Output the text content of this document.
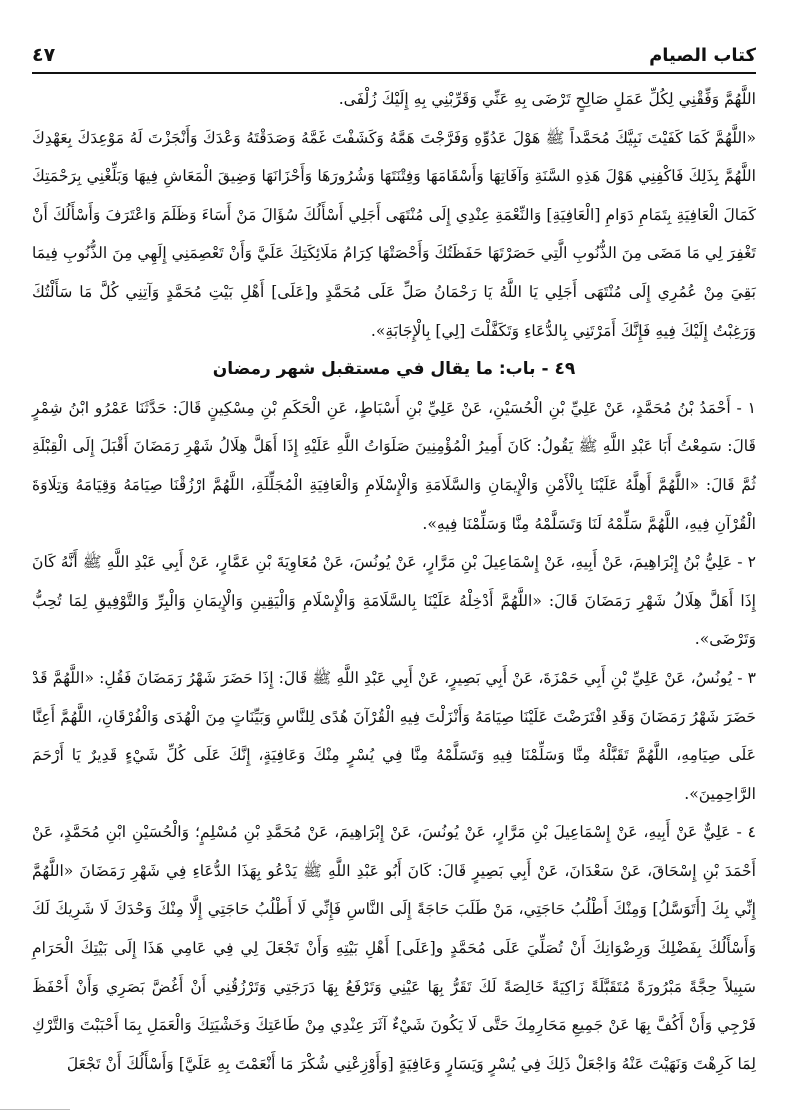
كتاب الصيام
٤٧

اللَّهُمَّ وَفِّقْنِي لِكُلِّ عَمَلٍ صَالِحٍ تَرْضَى بِهِ عَنِّي وَقَرِّبْنِي بِهِ إِلَيْكَ زُلْفَى.

«اللَّهُمَّ كَمَا كَفَيْتَ نَبِيَّكَ مُحَمَّداً ﷺ هَوْلَ عَدُوِّهِ وَفَرَّجْتَ هَمَّهُ وَكَشَفْتَ غَمَّهُ وَصَدَقْتَهُ وَعْدَكَ وَأَنْجَزْتَ لَهُ مَوْعِدَكَ بِعَهْدِكَ اللَّهُمَّ بِذَلِكَ فَاكْفِنِي هَوْلَ هَذِهِ السَّنَةِ وَآفَاتِهَا وَأَسْقَامَهَا وَفِتْنَتَهَا وَشُرُورَهَا وَأَحْزَانَهَا وَضِيقَ الْمَعَاشِ فِيهَا وَبَلِّغْنِي بِرَحْمَتِكَ كَمَالَ الْعَافِيَةِ بِتَمَامِ دَوَامِ [الْعَافِيَةِ] وَالنِّعْمَةِ عِنْدِي إِلَى مُنْتَهَى أَجَلِي أَسْأَلُكَ سُؤَالَ مَنْ أَسَاءَ وَظَلَمَ وَاعْتَرَفَ وَأَسْأَلُكَ أَنْ تَغْفِرَ لِي مَا مَضَى مِنَ الذُّنُوبِ الَّتِي حَصَرْتَهَا حَفَظَتُكَ وَأَحْصَتْهَا كِرَامُ مَلَائِكَتِكَ عَلَيَّ وَأَنْ تَعْصِمَنِي إِلَهِي مِنَ الذُّنُوبِ فِيمَا بَقِيَ مِنْ عُمُرِي إِلَى مُنْتَهَى أَجَلِي يَا اللَّهُ يَا رَحْمَانُ صَلِّ عَلَى مُحَمَّدٍ و[عَلَى] أَهْلِ بَيْتِ مُحَمَّدٍ وَآتِنِي كُلَّ مَا سَأَلْتُكَ وَرَغِبْتُ إِلَيْكَ فِيهِ فَإِنَّكَ أَمَرْتَنِي بِالدُّعَاءِ وَتَكَفَّلْتَ [لِي] بِالْإِجَابَةِ».

٤٩ - باب: ما يقال في مستقبل شهر رمضان

١ - أَحْمَدُ بْنُ مُحَمَّدٍ، عَنْ عَلِيِّ بْنِ الْحُسَيْنِ، عَنْ عَلِيِّ بْنِ أَسْبَاطٍ، عَنِ الْحَكَمِ بْنِ مِسْكِينٍ قَالَ: حَدَّثَنَا عَمْرُو ابْنُ شِمْرٍ قَالَ: سَمِعْتُ أَبَا عَبْدِ اللَّهِ ﷺ يَقُولُ: كَانَ أَمِيرُ الْمُؤْمِنِينَ صَلَوَاتُ اللَّهِ عَلَيْهِ إِذَا أَهَلَّ هِلَالُ شَهْرِ رَمَضَانَ أَقْبَلَ إِلَى الْقِبْلَةِ ثُمَّ قَالَ: «اللَّهُمَّ أَهِلَّهُ عَلَيْنَا بِالْأَمْنِ وَالْإِيمَانِ وَالسَّلَامَةِ وَالْإِسْلَامِ وَالْعَافِيَةِ الْمُجَلِّلَةِ، اللَّهُمَّ ارْزُقْنَا صِيَامَهُ وَقِيَامَهُ وَتِلَاوَةَ الْقُرْآنِ فِيهِ، اللَّهُمَّ سَلِّمْهُ لَنَا وَتَسَلَّمْهُ مِنَّا وَسَلِّمْنَا فِيهِ».

٢ - عَلِيُّ بْنُ إِبْرَاهِيمَ، عَنْ أَبِيهِ، عَنْ إِسْمَاعِيلَ بْنِ مَرَّارٍ، عَنْ يُونُسَ، عَنْ مُعَاوِيَةَ بْنِ عَمَّارٍ، عَنْ أَبِي عَبْدِ اللَّهِ ﷺ أَنَّهُ كَانَ إِذَا أَهَلَّ هِلَالُ شَهْرِ رَمَضَانَ قَالَ: «اللَّهُمَّ أَدْخِلْهُ عَلَيْنَا بِالسَّلَامَةِ وَالْإِسْلَامِ وَالْيَقِينِ وَالْإِيمَانِ وَالْبِرِّ وَالتَّوْفِيقِ لِمَا تُحِبُّ وَتَرْضَى».

٣ - يُونُسُ، عَنْ عَلِيِّ بْنِ أَبِي حَمْزَةَ، عَنْ أَبِي بَصِيرٍ، عَنْ أَبِي عَبْدِ اللَّهِ ﷺ قَالَ: إِذَا حَضَرَ شَهْرُ رَمَضَانَ فَقُلِ: «اللَّهُمَّ قَدْ حَضَرَ شَهْرُ رَمَضَانَ وَقَدِ افْتَرَضْتَ عَلَيْنَا صِيَامَهُ وَأَنْزَلْتَ فِيهِ الْقُرْآنَ هُدًى لِلنَّاسِ وَبَيِّنَاتٍ مِنَ الْهُدَى وَالْفُرْقَانِ، اللَّهُمَّ أَعِنَّا عَلَى صِيَامِهِ، اللَّهُمَّ تَقَبَّلْهُ مِنَّا وَسَلِّمْنَا فِيهِ وَتَسَلَّمْهُ مِنَّا فِي يُسْرٍ مِنْكَ وَعَافِيَةٍ، إِنَّكَ عَلَى كُلِّ شَيْءٍ قَدِيرٌ يَا أَرْحَمَ الرَّاحِمِينَ».

٤ - عَلِيٌّ عَنْ أَبِيهِ، عَنْ إِسْمَاعِيلَ بْنِ مَرَّارٍ، عَنْ يُونُسَ، عَنْ إِبْرَاهِيمَ، عَنْ مُحَمَّدِ بْنِ مُسْلِمٍ؛ وَالْحُسَيْنِ ابْنِ مُحَمَّدٍ، عَنْ أَحْمَدَ بْنِ إِسْحَاقَ، عَنْ سَعْدَانَ، عَنْ أَبِي بَصِيرٍ قَالَ: كَانَ أَبُو عَبْدِ اللَّهِ ﷺ يَدْعُو بِهَذَا الدُّعَاءِ فِي شَهْرِ رَمَضَانَ «اللَّهُمَّ إِنِّي بِكَ [أَتَوَسَّلُ] وَمِنْكَ أَطْلُبُ حَاجَتِي، مَنْ طَلَبَ حَاجَةً إِلَى النَّاسِ فَإِنِّي لَا أَطْلُبُ حَاجَتِي إِلَّا مِنْكَ وَحْدَكَ لَا شَرِيكَ لَكَ وَأَسْأَلُكَ بِفَضْلِكَ وَرِضْوَانِكَ أَنْ تُصَلِّيَ عَلَى مُحَمَّدٍ و[عَلَى] أَهْلِ بَيْتِهِ وَأَنْ تَجْعَلَ لِي فِي عَامِي هَذَا إِلَى بَيْتِكَ الْحَرَامِ سَبِيلاً حِجَّةً مَبْرُورَةً مُتَقَبَّلَةً زَاكِيَةً خَالِصَةً لَكَ تَقَرُّ بِهَا عَيْنِي وَتَرْفَعُ بِهَا دَرَجَتِي وَتَرْزُقُنِي أَنْ أَغُضَّ بَصَرِي وَأَنْ أَحْفَظَ فَرْجِي وَأَنْ أَكُفَّ بِهَا عَنْ جَمِيعِ مَحَارِمِكَ حَتَّى لَا يَكُونَ شَيْءٌ آثَرَ عِنْدِي مِنْ طَاعَتِكَ وَخَشْيَتِكَ وَالْعَمَلِ بِمَا أَحْبَبْتَ وَالتَّرْكِ لِمَا كَرِهْتَ وَنَهَيْتَ عَنْهُ وَاجْعَلْ ذَلِكَ فِي يُسْرٍ وَيَسَارٍ وَعَافِيَةٍ [وَأَوْزِعْنِي شُكْرَ مَا أَنْعَمْتَ بِهِ عَلَيَّ] وَأَسْأَلُكَ أَنْ تَجْعَلَ
